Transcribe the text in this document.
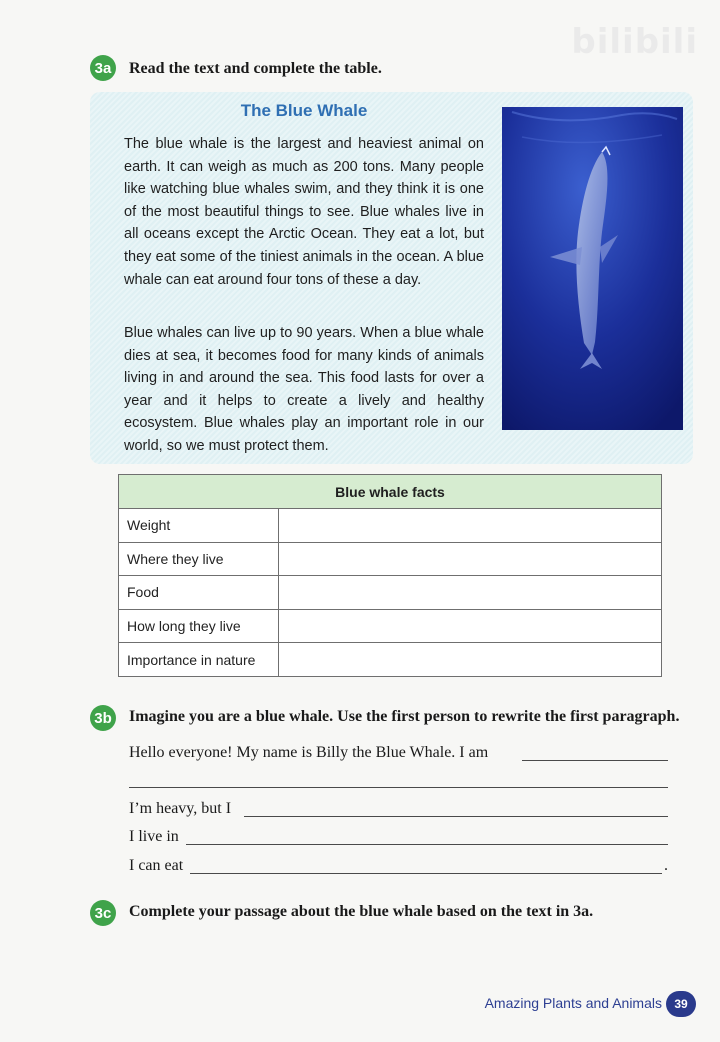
bilibili
3a Read the text and complete the table.
The Blue Whale
The blue whale is the largest and heaviest animal on earth. It can weigh as much as 200 tons. Many people like watching blue whales swim, and they think it is one of the most beautiful things to see. Blue whales live in all oceans except the Arctic Ocean. They eat a lot, but they eat some of the tiniest animals in the ocean. A blue whale can eat around four tons of these a day.
Blue whales can live up to 90 years. When a blue whale dies at sea, it becomes food for many kinds of animals living in and around the sea. This food lasts for over a year and it helps to create a lively and healthy ecosystem. Blue whales play an important role in our world, so we must protect them.
Blue whale facts	
Weight	
Where they live	
Food	
How long they live	
Importance in nature	
3b Imagine you are a blue whale. Use the first person to rewrite the first paragraph.
Hello everyone! My name is Billy the Blue Whale. I am
I’m heavy, but I
I live in
I can eat	.
3c Complete your passage about the blue whale based on the text in 3a.
Amazing Plants and Animals	39
